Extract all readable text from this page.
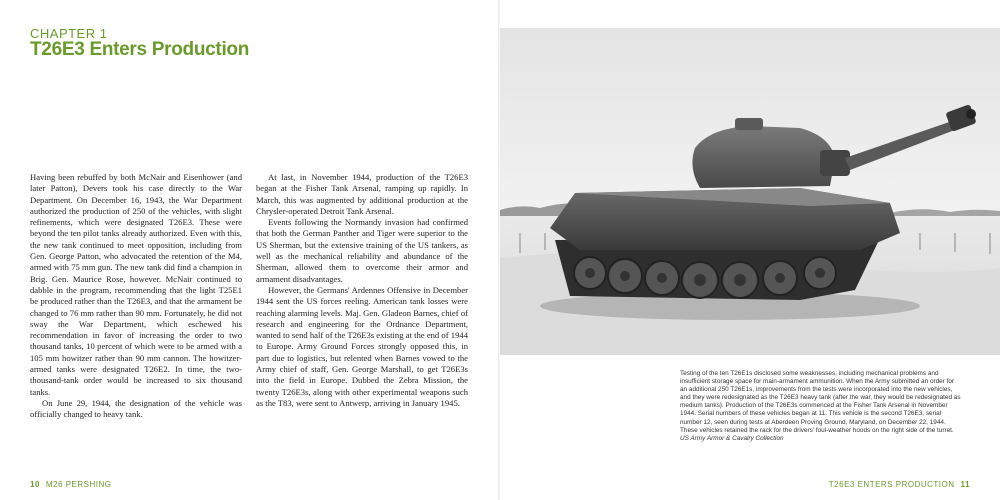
CHAPTER 1
T26E3 Enters Production

Having been rebuffed by both McNair and Eisenhower (and later Patton), Devers took his case directly to the War Department. On December 16, 1943, the War Department authorized the production of 250 of the vehicles, with slight refinements, which were designated T26E3. These were beyond the ten pilot tanks already authorized. Even with this, the new tank continued to meet opposition, including from Gen. George Patton, who advocated the retention of the M4, armed with 75 mm gun. The new tank did find a champion in Brig. Gen. Maurice Rose, however. McNair continued to dabble in the program, recommending that the light T25E1 be produced rather than the T26E3, and that the armament be changed to 76 mm rather than 90 mm. Fortunately, he did not sway the War Department, which eschewed his recommendation in favor of increasing the order to two thousand tanks, 10 percent of which were to be armed with a 105 mm howitzer rather than 90 mm cannon. The howitzer-armed tanks were designated T26E2. In time, the two-thousand-tank order would be increased to six thousand tanks.

On June 29, 1944, the designation of the vehicle was officially changed to heavy tank.

At last, in November 1944, production of the T26E3 began at the Fisher Tank Arsenal, ramping up rapidly. In March, this was augmented by additional production at the Chrysler-operated Detroit Tank Arsenal.

Events following the Normandy invasion had confirmed that both the German Panther and Tiger were superior to the US Sherman, but the extensive training of the US tankers, as well as the mechanical reliability and abundance of the Sherman, allowed them to overcome their armor and armament disadvantages.

However, the Germans' Ardennes Offensive in December 1944 sent the US forces reeling. American tank losses were reaching alarming levels. Maj. Gen. Gladeon Barnes, chief of research and engineering for the Ordnance Department, wanted to send half of the T26E3s existing at the end of 1944 to Europe. Army Ground Forces strongly opposed this, in part due to logistics, but relented when Barnes vowed to the Army chief of staff, Gen. George Marshall, to get T26E3s into the field in Europe. Dubbed the Zebra Mission, the twenty T26E3s, along with other experimental weapons such as the T83, were sent to Antwerp, arriving in January 1945.

10 M26 PERSHING
Testing of the ten T26E1s disclosed some weaknesses, including mechanical problems and insufficient storage space for main-armament ammunition. When the Army submitted an order for an additional 250 T26E1s, improvements from the tests were incorporated into the new vehicles, and they were redesignated as the T26E3 heavy tank (after the war, they would be redesignated as medium tanks). Production of the T26E3s commenced at the Fisher Tank Arsenal in November 1944. Serial numbers of these vehicles began at 11. This vehicle is the second T26E3, serial number 12, seen during tests at Aberdeen Proving Ground, Maryland, on December 22, 1944. These vehicles retained the rack for the drivers' foul-weather hoods on the right side of the turret. US Army Armor & Cavalry Collection
T26E3 ENTERS PRODUCTION 11
